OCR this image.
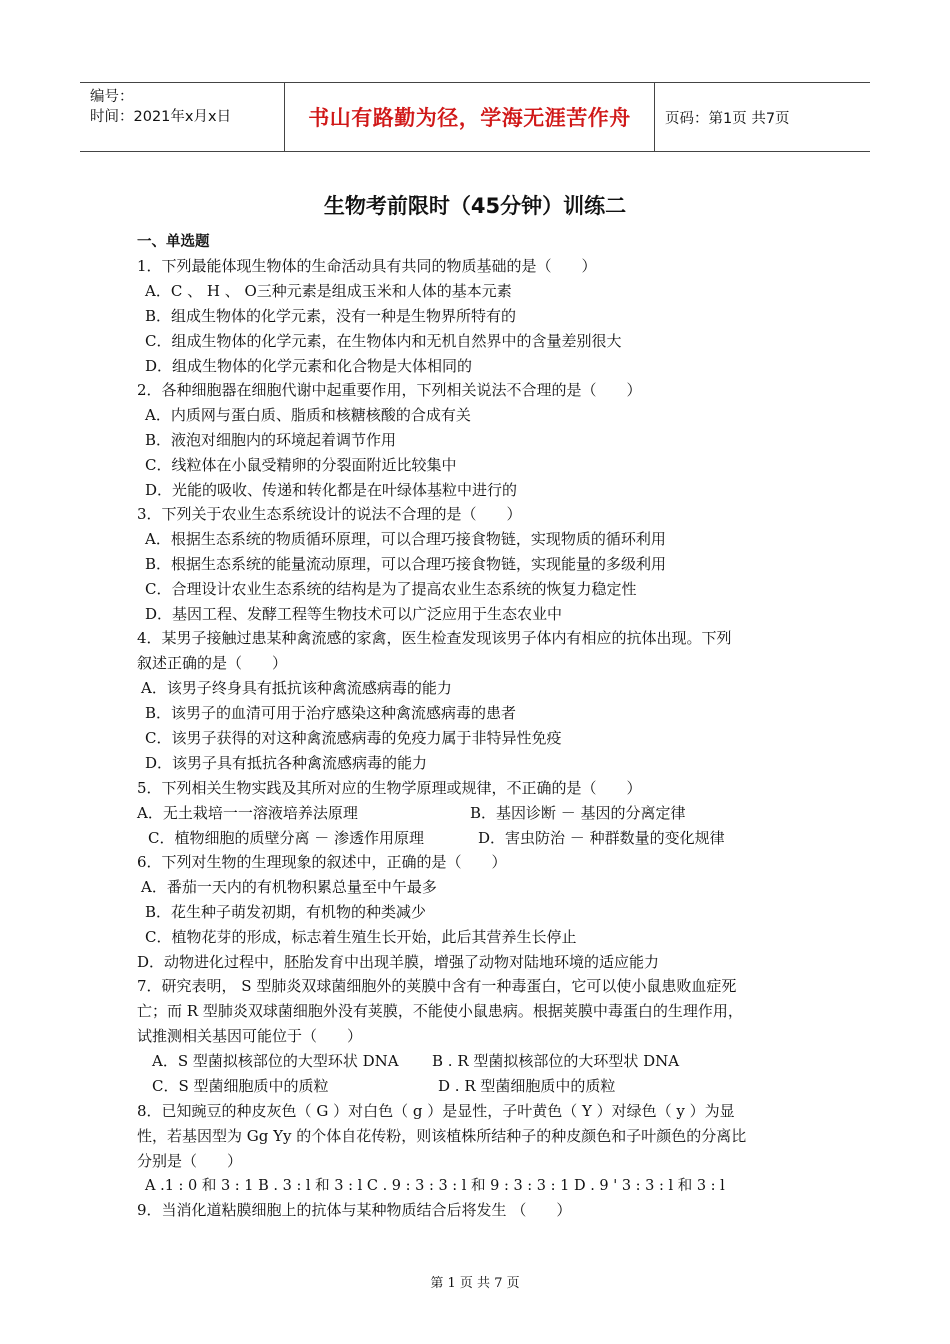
编号：
时间：2021年x月x日	书山有路勤为径，学海无涯苦作舟	页码：第1页 共7页
生物考前限时（45分钟）训练二
一、单选题
1．下列最能体现生物体的生命活动具有共同的物质基础的是（　　）
A．C 、 H 、 O三种元素是组成玉米和人体的基本元素
B．组成生物体的化学元素，没有一种是生物界所特有的
C．组成生物体的化学元素，在生物体内和无机自然界中的含量差别很大
D．组成生物体的化学元素和化合物是大体相同的
2．各种细胞器在细胞代谢中起重要作用，下列相关说法不合理的是（　　）
A．内质网与蛋白质、脂质和核糖核酸的合成有关
B．液泡对细胞内的环境起着调节作用
C．线粒体在小鼠受精卵的分裂面附近比较集中
D．光能的吸收、传递和转化都是在叶绿体基粒中进行的
3．下列关于农业生态系统设计的说法不合理的是（　　）
A．根据生态系统的物质循环原理，可以合理巧接食物链，实现物质的循环利用
B．根据生态系统的能量流动原理，可以合理巧接食物链，实现能量的多级利用
C．合理设计农业生态系统的结构是为了提高农业生态系统的恢复力稳定性
D．基因工程、发酵工程等生物技术可以广泛应用于生态农业中
4．某男子接触过患某种禽流感的家禽，医生检查发现该男子体内有相应的抗体出现。下列
叙述正确的是（　　）
A．该男子终身具有抵抗该种禽流感病毒的能力
B．该男子的血清可用于治疗感染这种禽流感病毒的患者
C．该男子获得的对这种禽流感病毒的免疫力属于非特异性免疫
D．该男子具有抵抗各种禽流感病毒的能力
5．下列相关生物实践及其所对应的生物学原理或规律，不正确的是（　　）
A．无土栽培一一溶液培养法原理	B．基因诊断 － 基因的分离定律
C．植物细胞的质壁分离 － 渗透作用原理	D．害虫防治 － 种群数量的变化规律
6．下列对生物的生理现象的叙述中，正确的是（　　）
A．番茄一天内的有机物积累总量至中午最多
B．花生种子萌发初期，有机物的种类减少
C．植物花芽的形成，标志着生殖生长开始，此后其营养生长停止
D．动物进化过程中，胚胎发育中出现羊膜，增强了动物对陆地环境的适应能力
7．研究表明， S 型肺炎双球菌细胞外的荚膜中含有一种毒蛋白，它可以使小鼠患败血症死
亡；而 R 型肺炎双球菌细胞外没有荚膜，不能使小鼠患病。根据荚膜中毒蛋白的生理作用，
试推测相关基因可能位于（　　）
A．S 型菌拟核部位的大型环状 DNA B . R 型菌拟核部位的大环型状 DNA
C．S 型菌细胞质中的质粒	D . R 型菌细胞质中的质粒
8．已知豌豆的种皮灰色（ G ）对白色（ g ）是显性，子叶黄色（ Y ）对绿色（ y ）为显
性，若基因型为 Gg Yy 的个体自花传粉，则该植株所结种子的种皮颜色和子叶颜色的分离比
分别是（　　）
A .1 : 0 和 3 : 1 B . 3 : l 和 3 : l C . 9 : 3 : 3 : l 和 9 : 3 : 3 : 1 D . 9 ' 3 : 3 : l 和 3 : l
9．当消化道粘膜细胞上的抗体与某种物质结合后将发生 （　　）
第 1 页 共 7 页
